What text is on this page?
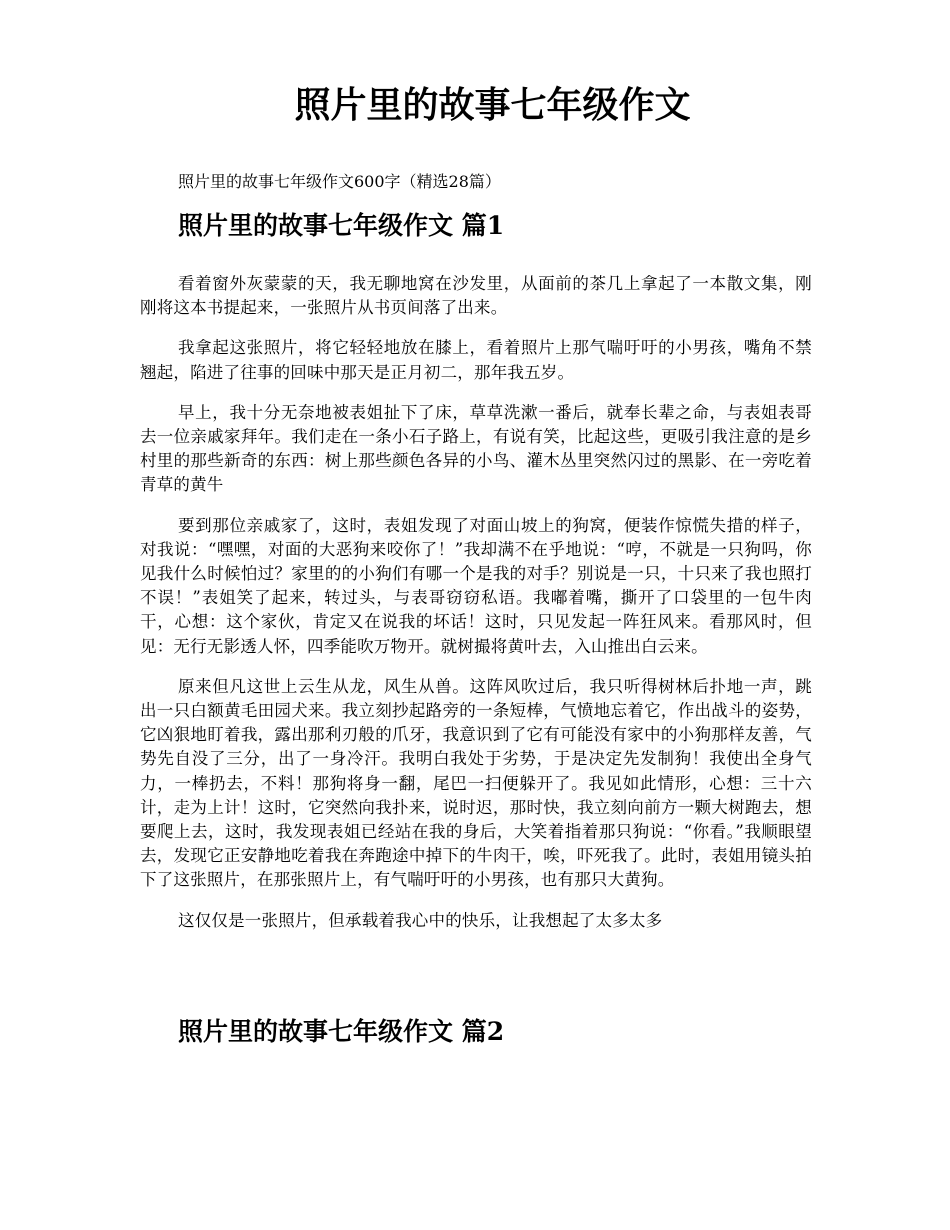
照片里的故事七年级作文

照片里的故事七年级作文600字（精选28篇）

照片里的故事七年级作文 篇1

看着窗外灰蒙蒙的天，我无聊地窝在沙发里，从面前的茶几上拿起了一本散文集，刚刚将这本书提起来，一张照片从书页间落了出来。

我拿起这张照片，将它轻轻地放在膝上，看着照片上那气喘吁吁的小男孩，嘴角不禁翘起，陷进了往事的回味中那天是正月初二，那年我五岁。

早上，我十分无奈地被表姐扯下了床，草草洗漱一番后，就奉长辈之命，与表姐表哥去一位亲戚家拜年。我们走在一条小石子路上，有说有笑，比起这些，更吸引我注意的是乡村里的那些新奇的东西：树上那些颜色各异的小鸟、灌木丛里突然闪过的黑影、在一旁吃着青草的黄牛

要到那位亲戚家了，这时，表姐发现了对面山坡上的狗窝，便装作惊慌失措的样子，对我说：“嘿嘿，对面的大恶狗来咬你了！”我却满不在乎地说：“哼，不就是一只狗吗，你见我什么时候怕过？家里的的小狗们有哪一个是我的对手？别说是一只，十只来了我也照打不误！”表姐笑了起来，转过头，与表哥窃窃私语。我嘟着嘴，撕开了口袋里的一包牛肉干，心想：这个家伙，肯定又在说我的坏话！这时，只见发起一阵狂风来。看那风时，但见：无行无影透人怀，四季能吹万物开。就树撮将黄叶去，入山推出白云来。

原来但凡这世上云生从龙，风生从兽。这阵风吹过后，我只听得树林后扑地一声，跳出一只白额黄毛田园犬来。我立刻抄起路旁的一条短棒，气愤地忘着它，作出战斗的姿势，它凶狠地盯着我，露出那利刃般的爪牙，我意识到了它有可能没有家中的小狗那样友善，气势先自没了三分，出了一身冷汗。我明白我处于劣势，于是决定先发制狗！我使出全身气力，一棒扔去，不料！那狗将身一翻，尾巴一扫便躲开了。我见如此情形，心想：三十六计，走为上计！这时，它突然向我扑来，说时迟，那时快，我立刻向前方一颗大树跑去，想要爬上去，这时，我发现表姐已经站在我的身后，大笑着指着那只狗说：“你看。”我顺眼望去，发现它正安静地吃着我在奔跑途中掉下的牛肉干，唉，吓死我了。此时，表姐用镜头拍下了这张照片，在那张照片上，有气喘吁吁的小男孩，也有那只大黄狗。

这仅仅是一张照片，但承载着我心中的快乐，让我想起了太多太多

照片里的故事七年级作文 篇2
